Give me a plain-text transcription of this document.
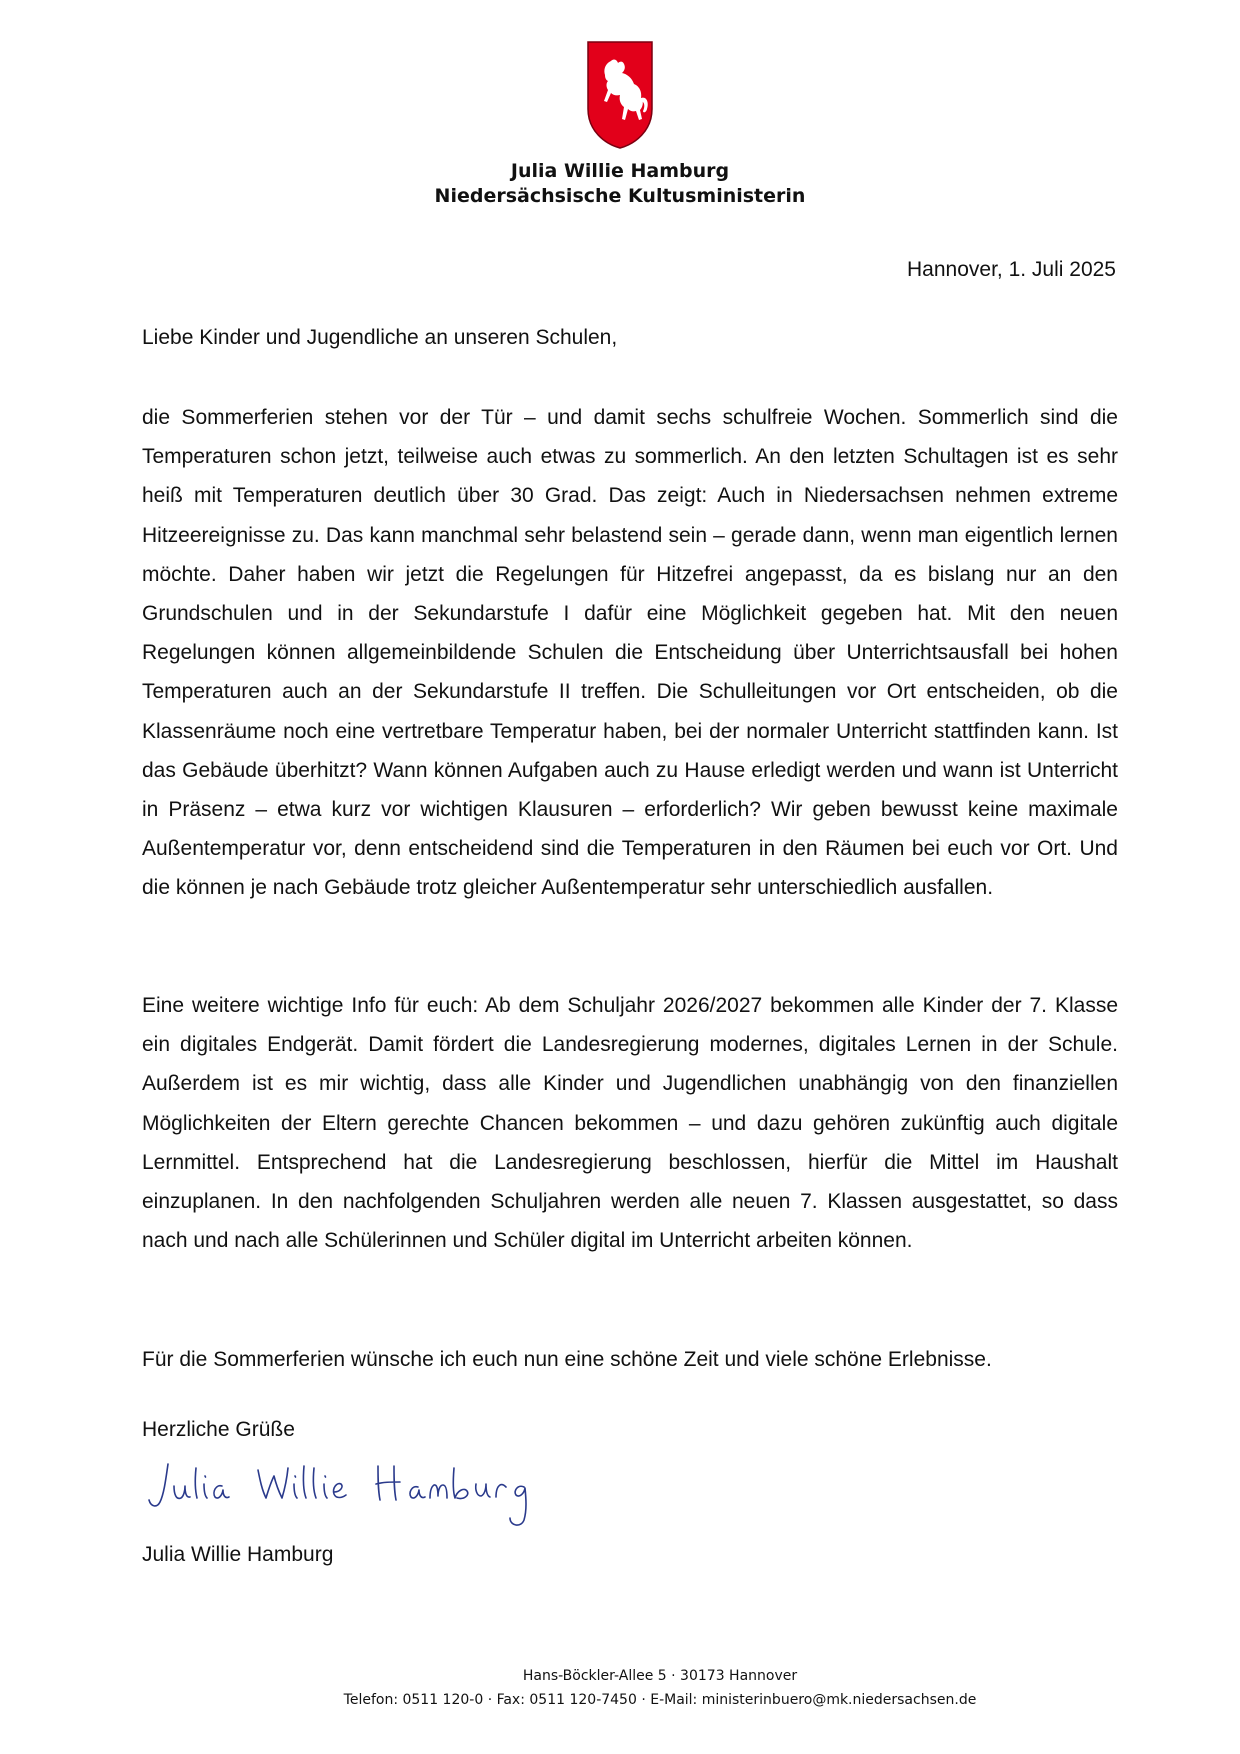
Julia Willie Hamburg
Niedersächsische Kultusministerin
Hannover, 1. Juli 2025
Liebe Kinder und Jugendliche an unseren Schulen,

die Sommerferien stehen vor der Tür – und damit sechs schulfreie Wochen. Sommerlich sind die Temperaturen schon jetzt, teilweise auch etwas zu sommerlich. An den letzten Schultagen ist es sehr heiß mit Temperaturen deutlich über 30 Grad. Das zeigt: Auch in Niedersachsen nehmen extreme Hitzeereignisse zu. Das kann manchmal sehr belastend sein – gerade dann, wenn man eigentlich lernen möchte. Daher haben wir jetzt die Regelungen für Hitzefrei angepasst, da es bislang nur an den Grundschulen und in der Sekundarstufe I dafür eine Möglichkeit gegeben hat. Mit den neuen Regelungen können allgemeinbildende Schulen die Entscheidung über Unterrichtsausfall bei hohen Temperaturen auch an der Sekundarstufe II treffen. Die Schulleitungen vor Ort entscheiden, ob die Klassenräume noch eine vertretbare Temperatur haben, bei der normaler Unterricht stattfinden kann. Ist das Gebäude überhitzt? Wann können Aufgaben auch zu Hause erledigt werden und wann ist Unterricht in Präsenz – etwa kurz vor wichtigen Klausuren – erforderlich? Wir geben bewusst keine maximale Außentemperatur vor, denn entscheidend sind die Temperaturen in den Räumen bei euch vor Ort. Und die können je nach Gebäude trotz gleicher Außentemperatur sehr unterschiedlich ausfallen.

Eine weitere wichtige Info für euch: Ab dem Schuljahr 2026/2027 bekommen alle Kinder der 7. Klasse ein digitales Endgerät. Damit fördert die Landesregierung modernes, digitales Lernen in der Schule. Außerdem ist es mir wichtig, dass alle Kinder und Jugendlichen unabhängig von den finanziellen Möglichkeiten der Eltern gerechte Chancen bekommen – und dazu gehören zukünftig auch digitale Lernmittel. Entsprechend hat die Landesregierung beschlossen, hierfür die Mittel im Haushalt einzuplanen. In den nachfolgenden Schuljahren werden alle neuen 7. Klassen ausgestattet, so dass nach und nach alle Schülerinnen und Schüler digital im Unterricht arbeiten können.

Für die Sommerferien wünsche ich euch nun eine schöne Zeit und viele schöne Erlebnisse.

Herzliche Grüße
Julia Willie Hamburg
Hans-Böckler-Allee 5 · 30173 Hannover
Telefon: 0511 120-0 · Fax: 0511 120-7450 · E-Mail: ministerinbuero@mk.niedersachsen.de
